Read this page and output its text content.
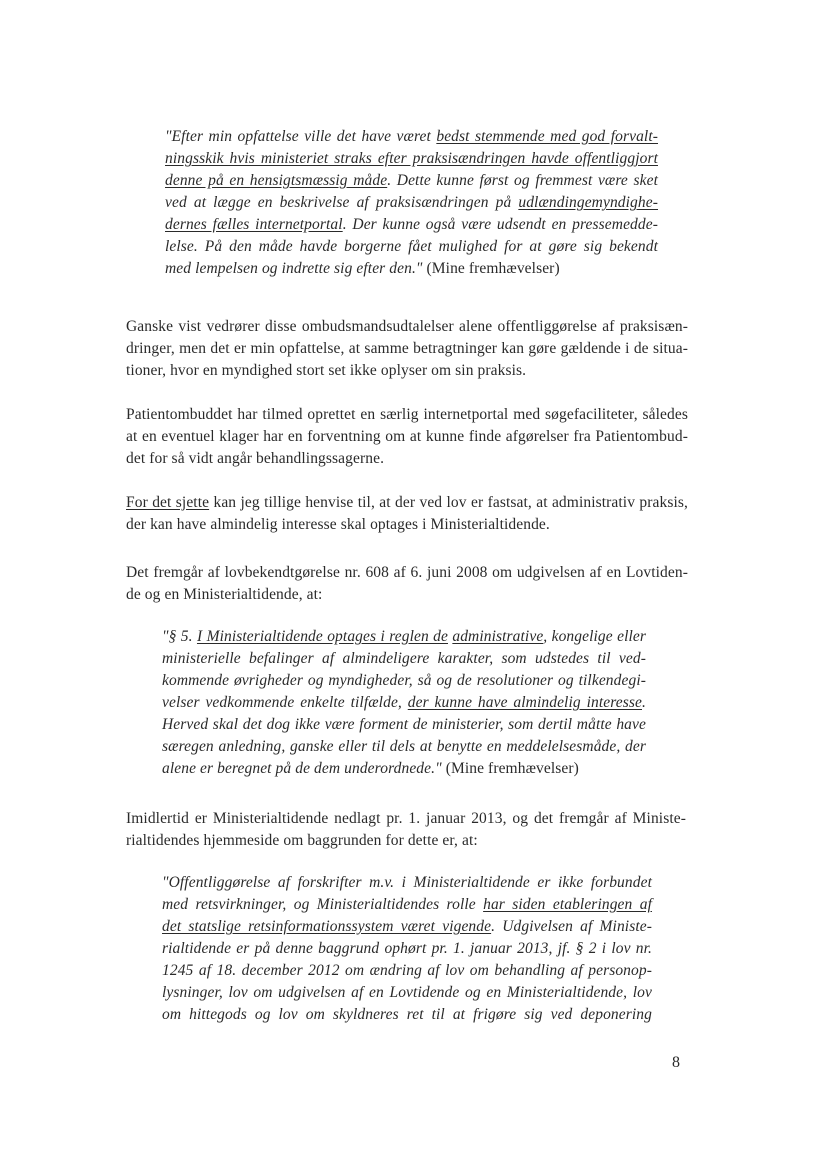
"Efter min opfattelse ville det have været bedst stemmende med god forvalt-
ningsskik hvis ministeriet straks efter praksisændringen havde offentliggjort
denne på en hensigtsmæssig måde. Dette kunne først og fremmest være sket
ved at lægge en beskrivelse af praksisændringen på udlændingemyndighe-
dernes fælles internetportal. Der kunne også være udsendt en pressemedde-
lelse. På den måde havde borgerne fået mulighed for at gøre sig bekendt
med lempelsen og indrette sig efter den." (Mine fremhævelser)
Ganske vist vedrører disse ombudsmandsudtalelser alene offentliggørelse af praksisæn-
dringer, men det er min opfattelse, at samme betragtninger kan gøre gældende i de situa-
tioner, hvor en myndighed stort set ikke oplyser om sin praksis.
Patientombuddet har tilmed oprettet en særlig internetportal med søgefaciliteter, således
at en eventuel klager har en forventning om at kunne finde afgørelser fra Patientombud-
det for så vidt angår behandlingssagerne.
For det sjette kan jeg tillige henvise til, at der ved lov er fastsat, at administrativ praksis,
der kan have almindelig interesse skal optages i Ministerialtidende.
Det fremgår af lovbekendtgørelse nr. 608 af 6. juni 2008 om udgivelsen af en Lovtiden-
de og en Ministerialtidende, at:
"§ 5. I Ministerialtidende optages i reglen de administrative, kongelige eller
ministerielle befalinger af almindeligere karakter, som udstedes til ved-
kommende øvrigheder og myndigheder, så og de resolutioner og tilkendegi-
velser vedkommende enkelte tilfælde, der kunne have almindelig interesse.
Herved skal det dog ikke være forment de ministerier, som dertil måtte have
særegen anledning, ganske eller til dels at benytte en meddelelsesmåde, der
alene er beregnet på de dem underordnede." (Mine fremhævelser)
Imidlertid er Ministerialtidende nedlagt pr. 1. januar 2013, og det fremgår af Ministe-
rialtidendes hjemmeside om baggrunden for dette er, at:
"Offentliggørelse af forskrifter m.v. i Ministerialtidende er ikke forbundet
med retsvirkninger, og Ministerialtidendes rolle har siden etableringen af
det statslige retsinformationssystem været vigende. Udgivelsen af Ministe-
rialtidende er på denne baggrund ophørt pr. 1. januar 2013, jf. § 2 i lov nr.
1245 af 18. december 2012 om ændring af lov om behandling af personop-
lysninger, lov om udgivelsen af en Lovtidende og en Ministerialtidende, lov
om hittegods og lov om skyldneres ret til at frigøre sig ved deponering
8
